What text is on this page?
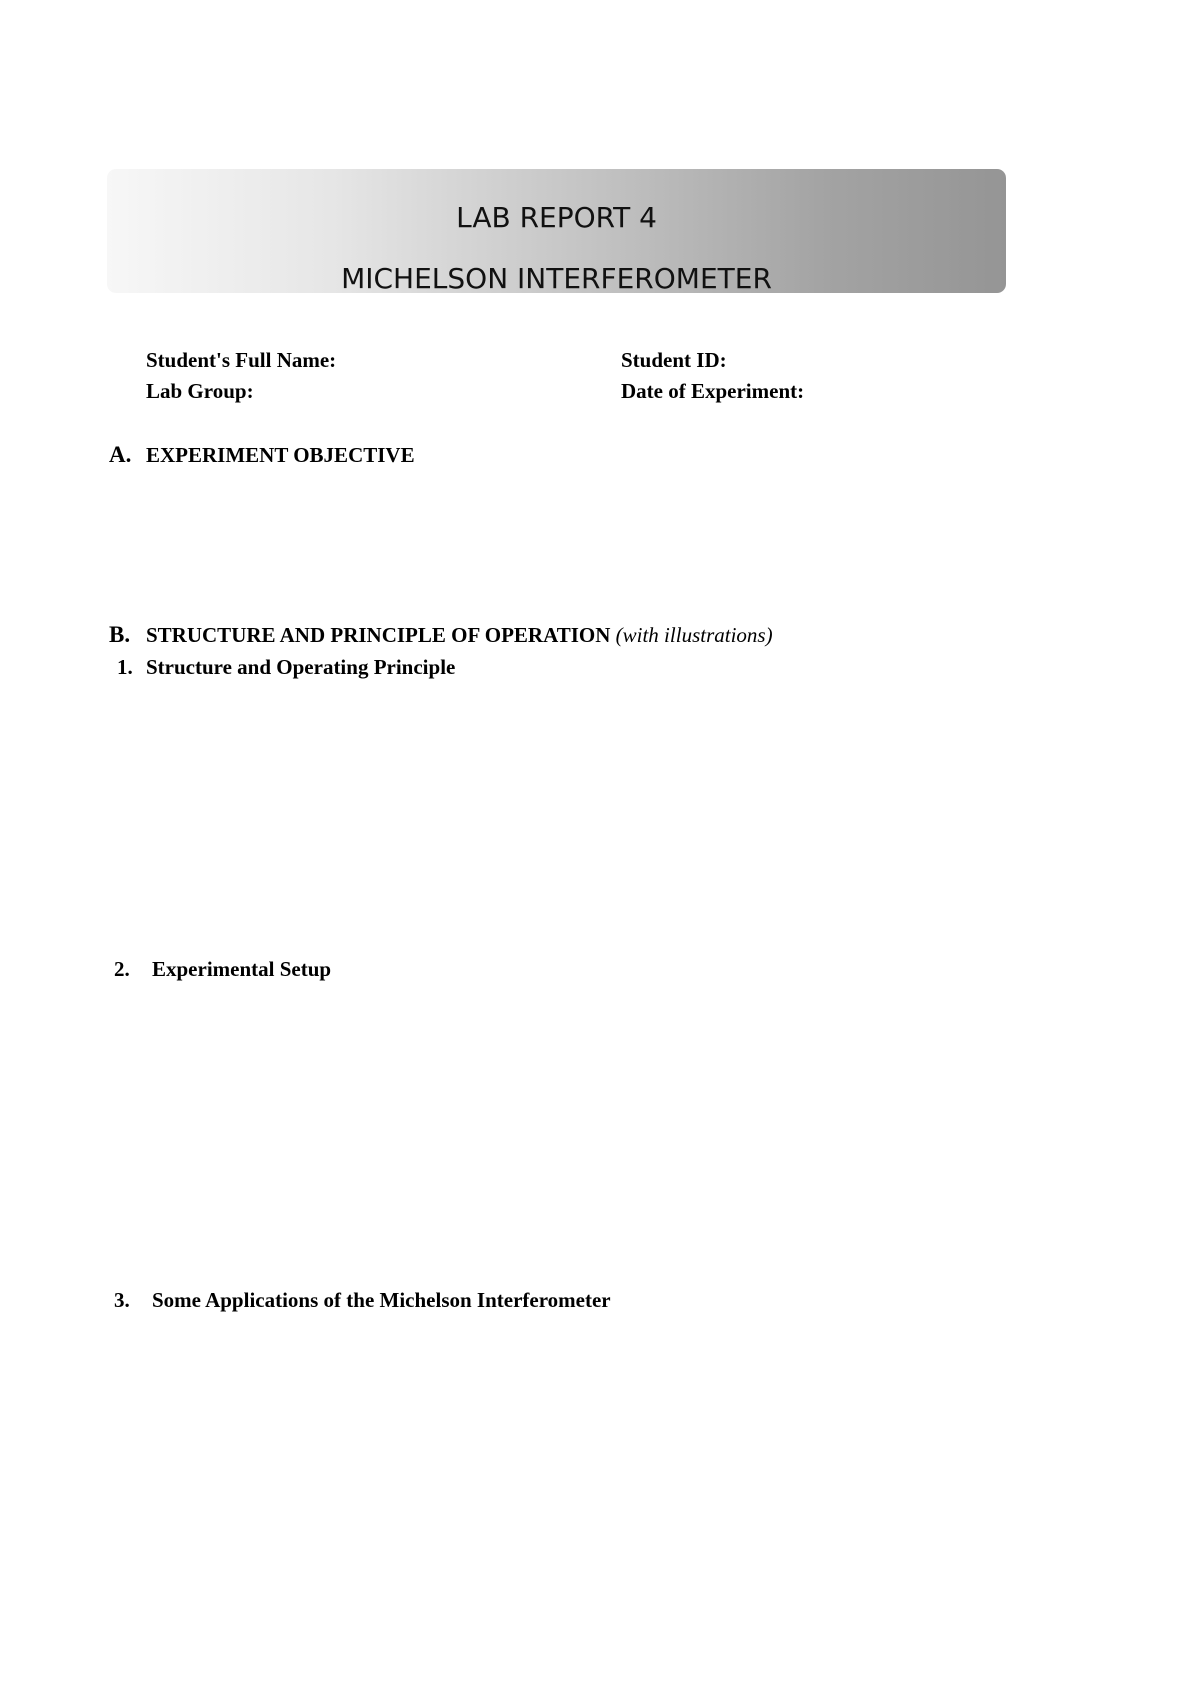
LAB REPORT 4
MICHELSON INTERFEROMETER
Student's Full Name:	Student ID:
Lab Group:	Date of Experiment:
A. EXPERIMENT OBJECTIVE
B. STRUCTURE AND PRINCIPLE OF OPERATION (with illustrations)
1. Structure and Operating Principle
2. Experimental Setup
3. Some Applications of the Michelson Interferometer
